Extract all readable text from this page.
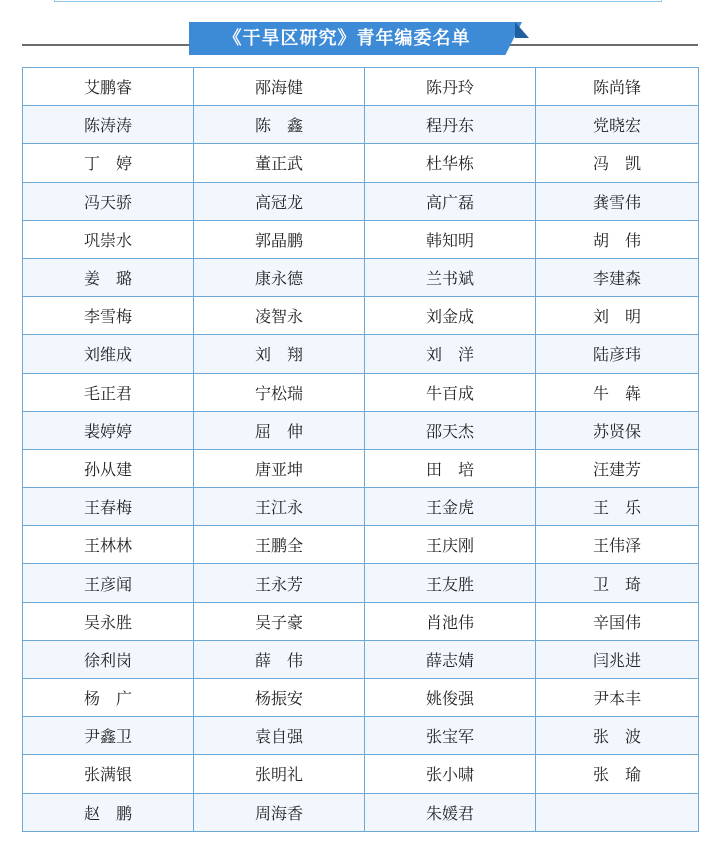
《干旱区研究》青年编委名单
艾鹏睿	邴海健	陈丹玲	陈尚锋
陈涛涛	陈　鑫	程丹东	党晓宏
丁　婷	董正武	杜华栋	冯　凯
冯天骄	高冠龙	高广磊	龚雪伟
巩崇水	郭晶鹏	韩知明	胡　伟
姜　璐	康永德	兰书斌	李建森
李雪梅	凌智永	刘金成	刘　明
刘维成	刘　翔	刘　洋	陆彦玮
毛正君	宁松瑞	牛百成	牛　犇
裴婷婷	屈　伸	邵天杰	苏贤保
孙从建	唐亚坤	田　培	汪建芳
王春梅	王江永	王金虎	王　乐
王林林	王鹏全	王庆刚	王伟泽
王彦闻	王永芳	王友胜	卫　琦
吴永胜	吴子豪	肖池伟	辛国伟
徐利岗	薛　伟	薛志婧	闫兆进
杨　广	杨振安	姚俊强	尹本丰
尹鑫卫	袁自强	张宝军	张　波
张满银	张明礼	张小啸	张　瑜
赵　鹏	周海香	朱媛君	
